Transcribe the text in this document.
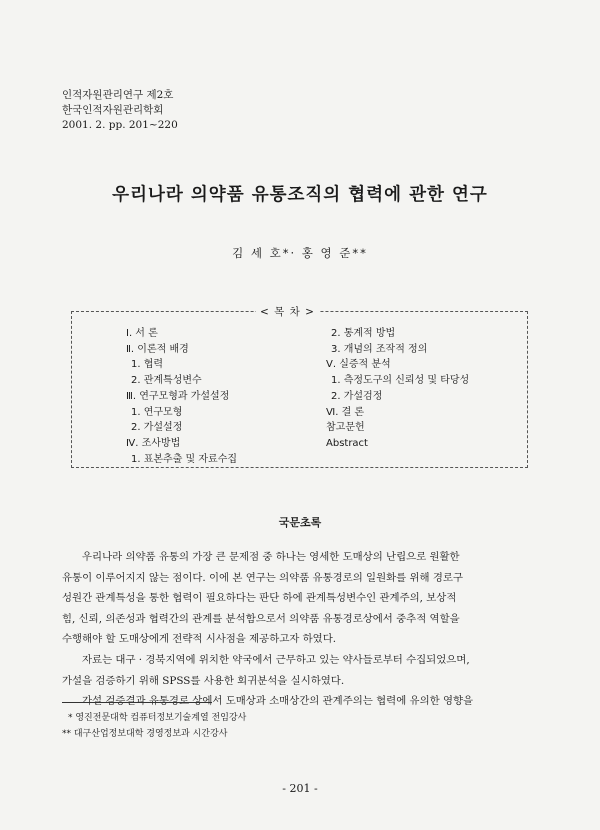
인적자원관리연구 제2호
한국인적자원관리학회
2001. 2. pp. 201~220
우리나라 의약품 유통조직의 협력에 관한 연구
김 세 호*· 홍 영 준**
< 목 차 >
Ⅰ. 서 론
Ⅱ. 이론적 배경
1. 협력
2. 관계특성변수
Ⅲ. 연구모형과 가설설정
1. 연구모형
2. 가설설정
Ⅳ. 조사방법
1. 표본추출 및 자료수집
2. 통계적 방법
3. 개념의 조작적 정의
Ⅴ. 실증적 분석
1. 측정도구의 신뢰성 및 타당성
2. 가설검정
Ⅵ. 결 론
참고문헌
Abstract
국문초록
우리나라 의약품 유통의 가장 큰 문제점 중 하나는 영세한 도매상의 난립으로 원활한
유통이 이루어지지 않는 점이다. 이에 본 연구는 의약품 유통경로의 일원화를 위해 경로구
성원간 관계특성을 통한 협력이 필요하다는 판단 하에 관계특성변수인 관계주의, 보상적
힘, 신뢰, 의존성과 협력간의 관계를 분석함으로서 의약품 유통경로상에서 중추적 역할을
수행해야 할 도매상에게 전략적 시사점을 제공하고자 하였다.
자료는 대구 · 경북지역에 위치한 약국에서 근무하고 있는 약사들로부터 수집되었으며,
가설을 검증하기 위해 SPSS를 사용한 회귀분석을 실시하였다.
가설 검증결과 유통경로 상에서 도매상과 소매상간의 관계주의는 협력에 유의한 영향을
* 영진전문대학 컴퓨터정보기술계열 전임강사
** 대구산업정보대학 경영정보과 시간강사
- 201 -
